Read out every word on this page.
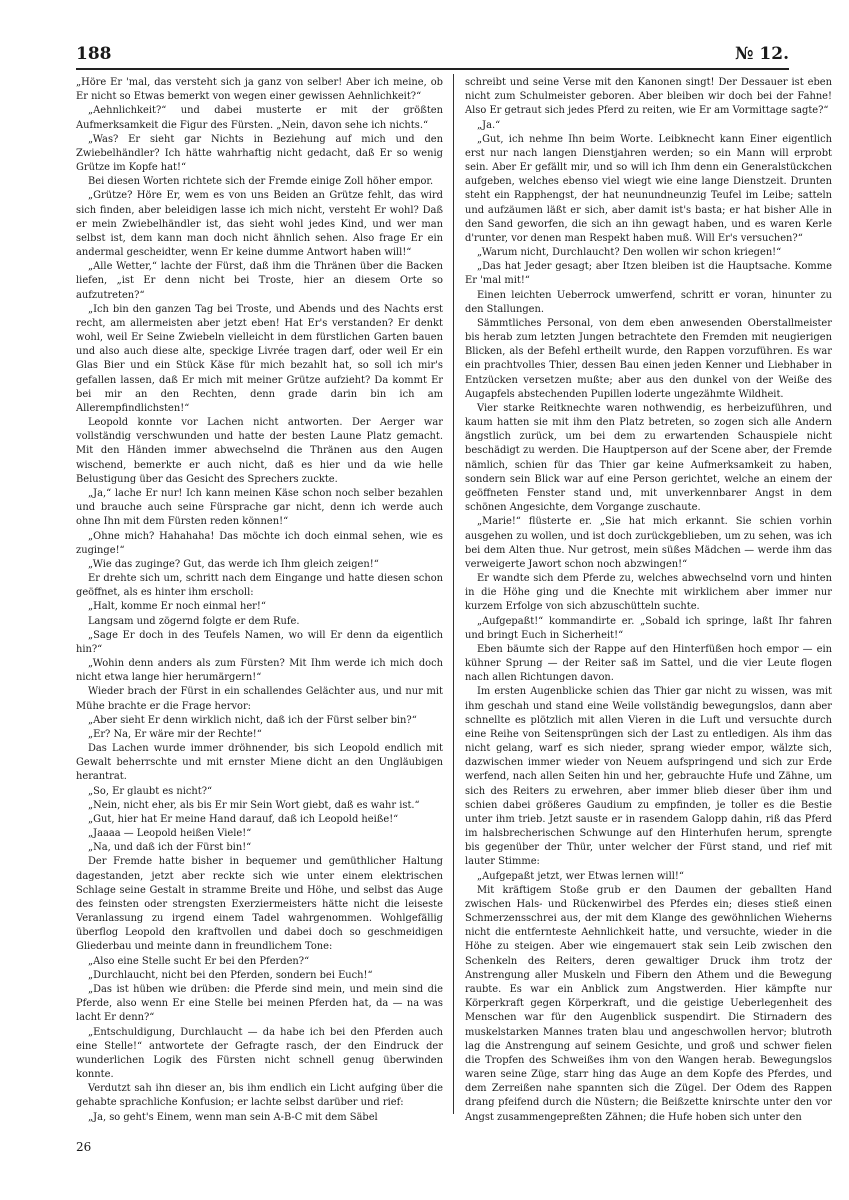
188	№ 12.

„Höre Er 'mal, das versteht sich ja ganz von selber! Aber ich meine, ob Er nicht so Etwas bemerkt von wegen einer gewissen Aehnlichkeit?“

„Aehnlichkeit?“ und dabei musterte er mit der größten Aufmerksamkeit die Figur des Fürsten. „Nein, davon sehe ich nichts.“

„Was? Er sieht gar Nichts in Beziehung auf mich und den Zwiebelhändler? Ich hätte wahrhaftig nicht gedacht, daß Er so wenig Grütze im Kopfe hat!“

Bei diesen Worten richtete sich der Fremde einige Zoll höher empor.

„Grütze? Höre Er, wem es von uns Beiden an Grütze fehlt, das wird sich finden, aber beleidigen lasse ich mich nicht, versteht Er wohl? Daß er mein Zwiebelhändler ist, das sieht wohl jedes Kind, und wer man selbst ist, dem kann man doch nicht ähnlich sehen. Also frage Er ein andermal gescheidter, wenn Er keine dumme Antwort haben will!“

„Alle Wetter,“ lachte der Fürst, daß ihm die Thränen über die Backen liefen, „ist Er denn nicht bei Troste, hier an diesem Orte so aufzutreten?“

„Ich bin den ganzen Tag bei Troste, und Abends und des Nachts erst recht, am allermeisten aber jetzt eben! Hat Er's verstanden? Er denkt wohl, weil Er Seine Zwiebeln vielleicht in dem fürstlichen Garten bauen und also auch diese alte, speckige Livrée tragen darf, oder weil Er ein Glas Bier und ein Stück Käse für mich bezahlt hat, so soll ich mir's gefallen lassen, daß Er mich mit meiner Grütze aufzieht? Da kommt Er bei mir an den Rechten, denn grade darin bin ich am Allerempfindlichsten!“

Leopold konnte vor Lachen nicht antworten. Der Aerger war vollständig verschwunden und hatte der besten Laune Platz gemacht. Mit den Händen immer abwechselnd die Thränen aus den Augen wischend, bemerkte er auch nicht, daß es hier und da wie helle Belustigung über das Gesicht des Sprechers zuckte.

„Ja,“ lache Er nur! Ich kann meinen Käse schon noch selber bezahlen und brauche auch seine Fürsprache gar nicht, denn ich werde auch ohne Ihn mit dem Fürsten reden können!“

„Ohne mich? Hahahaha! Das möchte ich doch einmal sehen, wie es zuginge!“

„Wie das zuginge? Gut, das werde ich Ihm gleich zeigen!“

Er drehte sich um, schritt nach dem Eingange und hatte diesen schon geöffnet, als es hinter ihm erscholl:

„Halt, komme Er noch einmal her!“

Langsam und zögernd folgte er dem Rufe.

„Sage Er doch in des Teufels Namen, wo will Er denn da eigentlich hin?“

„Wohin denn anders als zum Fürsten? Mit Ihm werde ich mich doch nicht etwa lange hier herumärgern!“

Wieder brach der Fürst in ein schallendes Gelächter aus, und nur mit Mühe brachte er die Frage hervor:

„Aber sieht Er denn wirklich nicht, daß ich der Fürst selber bin?“

„Er? Na, Er wäre mir der Rechte!“

Das Lachen wurde immer dröhnender, bis sich Leopold endlich mit Gewalt beherrschte und mit ernster Miene dicht an den Ungläubigen herantrat.

„So, Er glaubt es nicht?“

„Nein, nicht eher, als bis Er mir Sein Wort giebt, daß es wahr ist.“

„Gut, hier hat Er meine Hand darauf, daß ich Leopold heiße!“

„Jaaaa — Leopold heißen Viele!“

„Na, und daß ich der Fürst bin!“

Der Fremde hatte bisher in bequemer und gemüthlicher Haltung dagestanden, jetzt aber reckte sich wie unter einem elektrischen Schlage seine Gestalt in stramme Breite und Höhe, und selbst das Auge des feinsten oder strengsten Exerziermeisters hätte nicht die leiseste Veranlassung zu irgend einem Tadel wahrgenommen. Wohlgefällig überflog Leopold den kraftvollen und dabei doch so geschmeidigen Gliederbau und meinte dann in freundlichem Tone:

„Also eine Stelle sucht Er bei den Pferden?“

„Durchlaucht, nicht bei den Pferden, sondern bei Euch!“

„Das ist hüben wie drüben: die Pferde sind mein, und mein sind die Pferde, also wenn Er eine Stelle bei meinen Pferden hat, da — na was lacht Er denn?“

„Entschuldigung, Durchlaucht — da habe ich bei den Pferden auch eine Stelle!“ antwortete der Gefragte rasch, der den Eindruck der wunderlichen Logik des Fürsten nicht schnell genug überwinden konnte.

Verdutzt sah ihn dieser an, bis ihm endlich ein Licht aufging über die gehabte sprachliche Konfusion; er lachte selbst darüber und rief:

„Ja, so geht's Einem, wenn man sein A-B-C mit dem Säbel

schreibt und seine Verse mit den Kanonen singt! Der Dessauer ist eben nicht zum Schulmeister geboren. Aber bleiben wir doch bei der Fahne! Also Er getraut sich jedes Pferd zu reiten, wie Er am Vormittage sagte?“

„Ja.“

„Gut, ich nehme Ihn beim Worte. Leibknecht kann Einer eigentlich erst nur nach langen Dienstjahren werden; so ein Mann will erprobt sein. Aber Er gefällt mir, und so will ich Ihm denn ein Generalstückchen aufgeben, welches ebenso viel wiegt wie eine lange Dienstzeit. Drunten steht ein Rapphengst, der hat neunundneunzig Teufel im Leibe; satteln und aufzäumen läßt er sich, aber damit ist's basta; er hat bisher Alle in den Sand geworfen, die sich an ihn gewagt haben, und es waren Kerle d'runter, vor denen man Respekt haben muß. Will Er's versuchen?“

„Warum nicht, Durchlaucht? Den wollen wir schon kriegen!“

„Das hat Jeder gesagt; aber Itzen bleiben ist die Hauptsache. Komme Er 'mal mit!“

Einen leichten Ueberrock umwerfend, schritt er voran, hinunter zu den Stallungen.

Sämmtliches Personal, von dem eben anwesenden Oberstallmeister bis herab zum letzten Jungen betrachtete den Fremden mit neugierigen Blicken, als der Befehl ertheilt wurde, den Rappen vorzuführen. Es war ein prachtvolles Thier, dessen Bau einen jeden Kenner und Liebhaber in Entzücken versetzen mußte; aber aus den dunkel von der Weiße des Augapfels abstechenden Pupillen loderte ungezähmte Wildheit.

Vier starke Reitknechte waren nothwendig, es herbeizuführen, und kaum hatten sie mit ihm den Platz betreten, so zogen sich alle Andern ängstlich zurück, um bei dem zu erwartenden Schauspiele nicht beschädigt zu werden. Die Hauptperson auf der Scene aber, der Fremde nämlich, schien für das Thier gar keine Aufmerksamkeit zu haben, sondern sein Blick war auf eine Person gerichtet, welche an einem der geöffneten Fenster stand und, mit unverkennbarer Angst in dem schönen Angesichte, dem Vorgange zuschaute.

„Marie!“ flüsterte er. „Sie hat mich erkannt. Sie schien vorhin ausgehen zu wollen, und ist doch zurückgeblieben, um zu sehen, was ich bei dem Alten thue. Nur getrost, mein süßes Mädchen — werde ihm das verweigerte Jawort schon noch abzwingen!“

Er wandte sich dem Pferde zu, welches abwechselnd vorn und hinten in die Höhe ging und die Knechte mit wirklichem aber immer nur kurzem Erfolge von sich abzuschütteln suchte.

„Aufgepaßt!“ kommandirte er. „Sobald ich springe, laßt Ihr fahren und bringt Euch in Sicherheit!“

Eben bäumte sich der Rappe auf den Hinterfüßen hoch empor — ein kühner Sprung — der Reiter saß im Sattel, und die vier Leute flogen nach allen Richtungen davon.

Im ersten Augenblicke schien das Thier gar nicht zu wissen, was mit ihm geschah und stand eine Weile vollständig bewegungslos, dann aber schnellte es plötzlich mit allen Vieren in die Luft und versuchte durch eine Reihe von Seitensprüngen sich der Last zu entledigen. Als ihm das nicht gelang, warf es sich nieder, sprang wieder empor, wälzte sich, dazwischen immer wieder von Neuem aufspringend und sich zur Erde werfend, nach allen Seiten hin und her, gebrauchte Hufe und Zähne, um sich des Reiters zu erwehren, aber immer blieb dieser über ihm und schien dabei größeres Gaudium zu empfinden, je toller es die Bestie unter ihm trieb. Jetzt sauste er in rasendem Galopp dahin, riß das Pferd im halsbrecherischen Schwunge auf den Hinterhufen herum, sprengte bis gegenüber der Thür, unter welcher der Fürst stand, und rief mit lauter Stimme:

„Aufgepaßt jetzt, wer Etwas lernen will!“

Mit kräftigem Stoße grub er den Daumen der geballten Hand zwischen Hals- und Rückenwirbel des Pferdes ein; dieses stieß einen Schmerzensschrei aus, der mit dem Klange des gewöhnlichen Wieherns nicht die entfernteste Aehnlichkeit hatte, und versuchte, wieder in die Höhe zu steigen. Aber wie eingemauert stak sein Leib zwischen den Schenkeln des Reiters, deren gewaltiger Druck ihm trotz der Anstrengung aller Muskeln und Fibern den Athem und die Bewegung raubte. Es war ein Anblick zum Angstwerden. Hier kämpfte nur Körperkraft gegen Körperkraft, und die geistige Ueberlegenheit des Menschen war für den Augenblick suspendirt. Die Stirnadern des muskelstarken Mannes traten blau und angeschwollen hervor; blutroth lag die Anstrengung auf seinem Gesichte, und groß und schwer fielen die Tropfen des Schweißes ihm von den Wangen herab. Bewegungslos waren seine Züge, starr hing das Auge an dem Kopfe des Pferdes, und dem Zerreißen nahe spannten sich die Zügel. Der Odem des Rappen drang pfeifend durch die Nüstern; die Beißzette knirschte unter den vor Angst zusammengepreßten Zähnen; die Hufe hoben sich unter den

26
